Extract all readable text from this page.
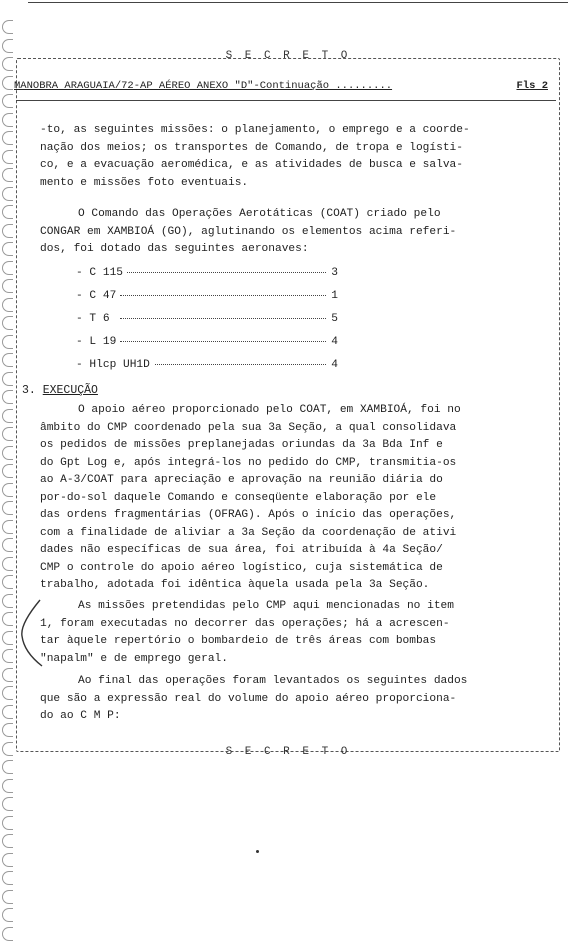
S E C R E T O
MANOBRA ARAGUAIA/72-AP AÉREO ANEXO "D"-Continuação .........	Fls 2
-to, as seguintes missões: o planejamento, o emprego e a coorde-
nação dos meios; os transportes de Comando, de tropa e logísti-
co, e a evacuação aeromédica, e as atividades de busca e salva-
mento e missões foto eventuais.
O Comando das Operações Aerotáticas (COAT) criado pelo
CONGAR em XAMBIOÁ (GO), aglutinando os elementos acima referi-
dos, foi dotado das seguintes aeronaves:
- C 115	3
- C 47	1
- T 6	5
- L 19	4
- Hlcp UH1D	4
3. EXECUÇÃO
O apoio aéreo proporcionado pelo COAT, em XAMBIOÁ, foi no
âmbito do CMP coordenado pela sua 3a Seção, a qual consolidava
os pedidos de missões preplanejadas oriundas da 3a Bda Inf e
do Gpt Log e, após integrá-los no pedido do CMP, transmitia-os
ao A-3/COAT para apreciação e aprovação na reunião diária do
por-do-sol daquele Comando e conseqüente elaboração por ele
das ordens fragmentárias (OFRAG). Após o início das operações,
com a finalidade de aliviar a 3a Seção da coordenação de ativi
dades não específicas de sua área, foi atribuída à 4a Seção/
CMP o controle do apoio aéreo logístico, cuja sistemática de
trabalho, adotada foi idêntica àquela usada pela 3a Seção.
As missões pretendidas pelo CMP aqui mencionadas no item
1, foram executadas no decorrer das operações; há a acrescen-
tar àquele repertório o bombardeio de três áreas com bombas
"napalm" e de emprego geral.
Ao final das operações foram levantados os seguintes dados
que são a expressão real do volume do apoio aéreo proporciona-
do ao C M P:
S E C R E T O
